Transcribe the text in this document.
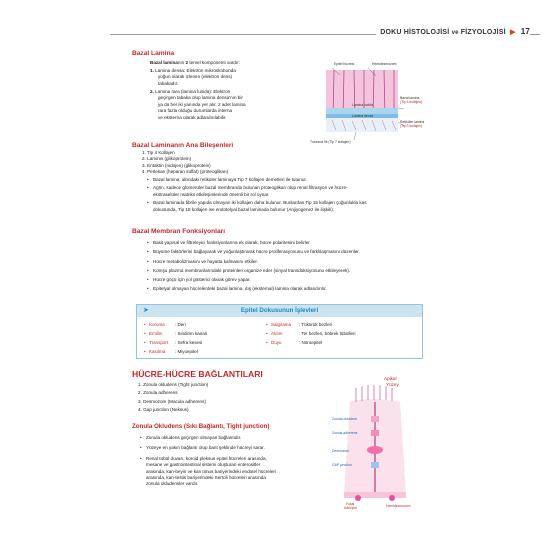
DOKU HİSTOLOJİSİ ve FİZYOLOJİSİ ▶ 17
Bazal Lamina
Bazal laminanın 2 temel komponenti vardır:
1. Lamina densa: Elektron mikroskobunda
yoğun olarak izlenen (elektron dens)
tabakadır.
2. Lamina rara (lamina lusida): Elektron
geçirgen tabaka olup lamina densa'nın bir
ya da her iki yanında yer alır. 2 adet lamina
rara fazla olduğu durumlarda interna
ve eksterna olarak adlandırılabilir.
Epitel hücresi	Hemidesmozom
Lamina lucida
Lamina densa
Bazal lamina
(Tip 4 kollajen)
Retiküler lamina
(Tip 3 kollajen)
Tutunma lifi (Tip 7 kollajen)
Bazal Laminanın Ana Bileşenleri
1. Tip 4 Kollajen
2. Laminin (glikoprotein)
3. Entaktin (nidojen) (glikoprotein)
4. Perlekan (heparan sülfat) (proteoglikan)
• Bazal lamina, altındaki retiküler laminaya Tip 7 kollajen demetleri ile tutunur.
• Agrin, sadece glomerüler bazal membranda bulunan proteoglikan olup renal filtrasyon ve hücre-
ekstraselüler matriks etkileşimlerinde önemli bir rol oynar.
• Bazal laminada fibrile yapıda olmayan iki kollajen daha bulunur. Bunlardan Tip 15 kollajen çoğunlukla kas
dokusunda, Tip 18 kollajen ise endotelyal bazal laminada bulunur (Anjiyogenez ile ilişkili).
Bazal Membran Fonksiyonları
• Basit yapısal ve filtreleyici fonksiyonlarına ek olarak, hücre polaritesini belirler.
• Büyüme faktörlerini bağlayarak ve yoğunlaştırarak hücre proliferasyonunu ve farklılaşmasını düzenler.
• Hücre metabolizmasını ve hayatta kalmasını etkiler.
• Komşu plazma membranlarındaki proteinleri organize eder (sinyal transdüksiyonunu etkileyerek).
• Hücre göçü için yol gösterici olarak görev yapar.
• Epitelyal olmayan hücrelerdeki bazal lamina, dış (eksternal) lamina olarak adlandırılır.
➤	Epitel Dokusunun İşlevleri
• Koruma : Deri
• Emilim	: Sindirim kanalı
• Transport : Sefra kesesi
• Kasılma : Miyoepitel
• Salgılama : Tükürük bezleri
• Atılım	: Ter bezleri, böbrek tübülleri
• Duyu	: Nöroepitel
HÜCRE-HÜCRE BAĞLANTILARI
1. Zonula okludens (Tight junction)
2. Zonula adherens
3. Desmozom (Macula adherens)
4. Gap junction (Neksus)
Zonula Okludens (Sıkı Bağlantı, Tight junction)
• Zonula okludens geçirgen olmayan bağlantıdır.
• Yüzeye en yakın bağlantı olup bant şeklinde hücreyi sarar.
• Renal tübül duvarı, koroid pleksus epitel hücreleri arasında,
mesane ve gastrointestinal sistemi oluşturan enterositler
arasında, kan-beyin ve kan timus bariyerindeki endotel hücreleri
arasında, kan-testis bariyerindeki Sertoli hücreleri arasında
zonula okludensler vardır.
Apikal
Yüzey
Zonula okludens
Zonula adherens
Desmozom
GAP junction
Fokal
Adezyon	Hemidesmozom
